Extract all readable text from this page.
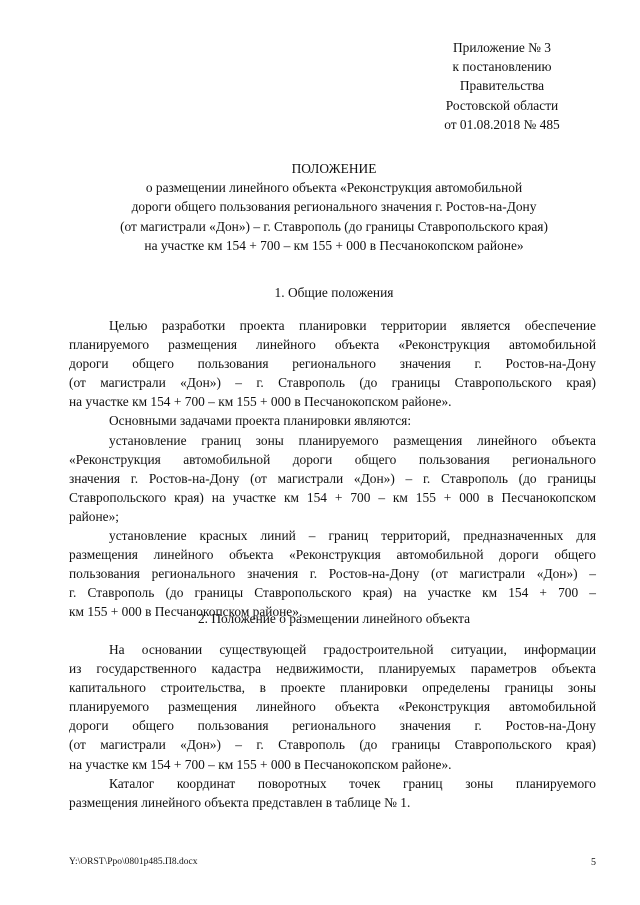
Приложение № 3
к постановлению
Правительства
Ростовской области
от 01.08.2018 № 485
ПОЛОЖЕНИЕ
о размещении линейного объекта «Реконструкция автомобильной
дороги общего пользования регионального значения г. Ростов-на-Дону
(от магистрали «Дон») – г. Ставрополь (до границы Ставропольского края)
на участке км 154 + 700 – км 155 + 000 в Песчанокопском районе»
1. Общие положения
Целью разработки проекта планировки территории является обеспечение
планируемого размещения линейного объекта «Реконструкция автомобильной
дороги общего пользования регионального значения г. Ростов-на-Дону
(от магистрали «Дон») – г. Ставрополь (до границы Ставропольского края)
на участке км 154 + 700 – км 155 + 000 в Песчанокопском районе».
Основными задачами проекта планировки являются:
установление границ зоны планируемого размещения линейного объекта
«Реконструкция автомобильной дороги общего пользования регионального
значения г. Ростов-на-Дону (от магистрали «Дон») – г. Ставрополь (до границы
Ставропольского края) на участке км 154 + 700 – км 155 + 000 в Песчанокопском
районе»;
установление красных линий – границ территорий, предназначенных для
размещения линейного объекта «Реконструкция автомобильной дороги общего
пользования регионального значения г. Ростов-на-Дону (от магистрали «Дон») –
г. Ставрополь (до границы Ставропольского края) на участке км 154 + 700 –
км 155 + 000 в Песчанокопском районе».
2. Положение о размещении линейного объекта
На основании существующей градостроительной ситуации, информации
из государственного кадастра недвижимости, планируемых параметров объекта
капитального строительства, в проекте планировки определены границы зоны
планируемого размещения линейного объекта «Реконструкция автомобильной
дороги общего пользования регионального значения г. Ростов-на-Дону
(от магистрали «Дон») – г. Ставрополь (до границы Ставропольского края)
на участке км 154 + 700 – км 155 + 000 в Песчанокопском районе».
Каталог координат поворотных точек границ зоны планируемого
размещения линейного объекта представлен в таблице № 1.
Y:\ORST\Ppo\0801p485.П8.docx	5
